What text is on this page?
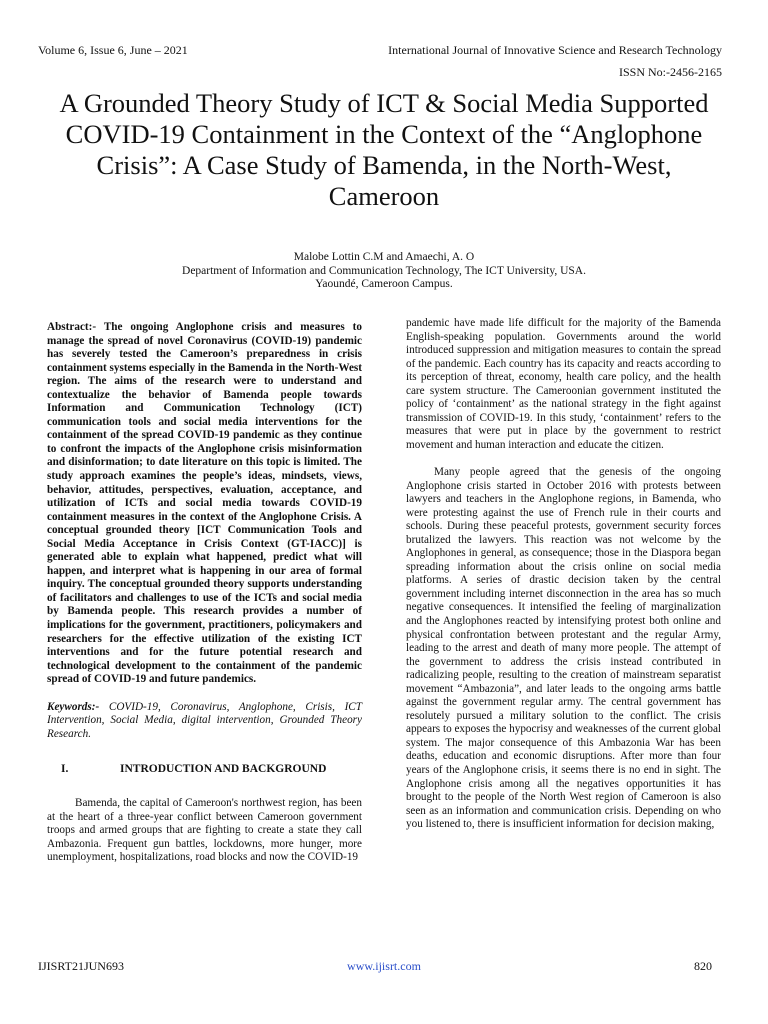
Volume 6, Issue 6, June – 2021	International Journal of Innovative Science and Research Technology
ISSN No:-2456-2165
A Grounded Theory Study of ICT & Social Media Supported COVID-19 Containment in the Context of the “Anglophone Crisis”: A Case Study of Bamenda, in the North-West, Cameroon
Malobe Lottin C.M and Amaechi, A. O
Department of Information and Communication Technology, The ICT University, USA.
Yaoundé, Cameroon Campus.

Abstract:- The ongoing Anglophone crisis and measures to manage the spread of novel Coronavirus (COVID-19) pandemic has severely tested the Cameroon’s preparedness in crisis containment systems especially in the Bamenda in the North-West region. The aims of the research were to understand and contextualize the behavior of Bamenda people towards Information and Communication Technology (ICT) communication tools and social media interventions for the containment of the spread COVID-19 pandemic as they continue to confront the impacts of the Anglophone crisis misinformation and disinformation; to date literature on this topic is limited. The study approach examines the people’s ideas, mindsets, views, behavior, attitudes, perspectives, evaluation, acceptance, and utilization of ICTs and social media towards COVID-19 containment measures in the context of the Anglophone Crisis. A conceptual grounded theory [ICT Communication Tools and Social Media Acceptance in Crisis Context (GT-IACC)] is generated able to explain what happened, predict what will happen, and interpret what is happening in our area of formal inquiry. The conceptual grounded theory supports understanding of facilitators and challenges to use of the ICTs and social media by Bamenda people. This research provides a number of implications for the government, practitioners, policymakers and researchers for the effective utilization of the existing ICT interventions and for the future potential research and technological development to the containment of the pandemic spread of COVID-19 and future pandemics.

Keywords:- COVID-19, Coronavirus, Anglophone, Crisis, ICT Intervention, Social Media, digital intervention, Grounded Theory Research.

I.	INTRODUCTION AND BACKGROUND

Bamenda, the capital of Cameroon's northwest region, has been at the heart of a three-year conflict between Cameroon government troops and armed groups that are fighting to create a state they call Ambazonia. Frequent gun battles, lockdowns, more hunger, more unemployment, hospitalizations, road blocks and now the COVID-19

pandemic have made life difficult for the majority of the Bamenda English-speaking population. Governments around the world introduced suppression and mitigation measures to contain the spread of the pandemic. Each country has its capacity and reacts according to its perception of threat, economy, health care policy, and the health care system structure. The Cameroonian government instituted the policy of ‘containment’ as the national strategy in the fight against transmission of COVID-19. In this study, ‘containment’ refers to the measures that were put in place by the government to restrict movement and human interaction and educate the citizen.

Many people agreed that the genesis of the ongoing Anglophone crisis started in October 2016 with protests between lawyers and teachers in the Anglophone regions, in Bamenda, who were protesting against the use of French rule in their courts and schools. During these peaceful protests, government security forces brutalized the lawyers. This reaction was not welcome by the Anglophones in general, as consequence; those in the Diaspora began spreading information about the crisis online on social media platforms. A series of drastic decision taken by the central government including internet disconnection in the area has so much negative consequences. It intensified the feeling of marginalization and the Anglophones reacted by intensifying protest both online and physical confrontation between protestant and the regular Army, leading to the arrest and death of many more people. The attempt of the government to address the crisis instead contributed in radicalizing people, resulting to the creation of mainstream separatist movement “Ambazonia”, and later leads to the ongoing arms battle against the government regular army. The central government has resolutely pursued a military solution to the conflict. The crisis appears to exposes the hypocrisy and weaknesses of the current global system. The major consequence of this Ambazonia War has been deaths, education and economic disruptions. After more than four years of the Anglophone crisis, it seems there is no end in sight. The Anglophone crisis among all the negatives opportunities it has brought to the people of the North West region of Cameroon is also seen as an information and communication crisis. Depending on who you listened to, there is insufficient information for decision making,

IJISRT21JUN693	www.ijisrt.com	820
